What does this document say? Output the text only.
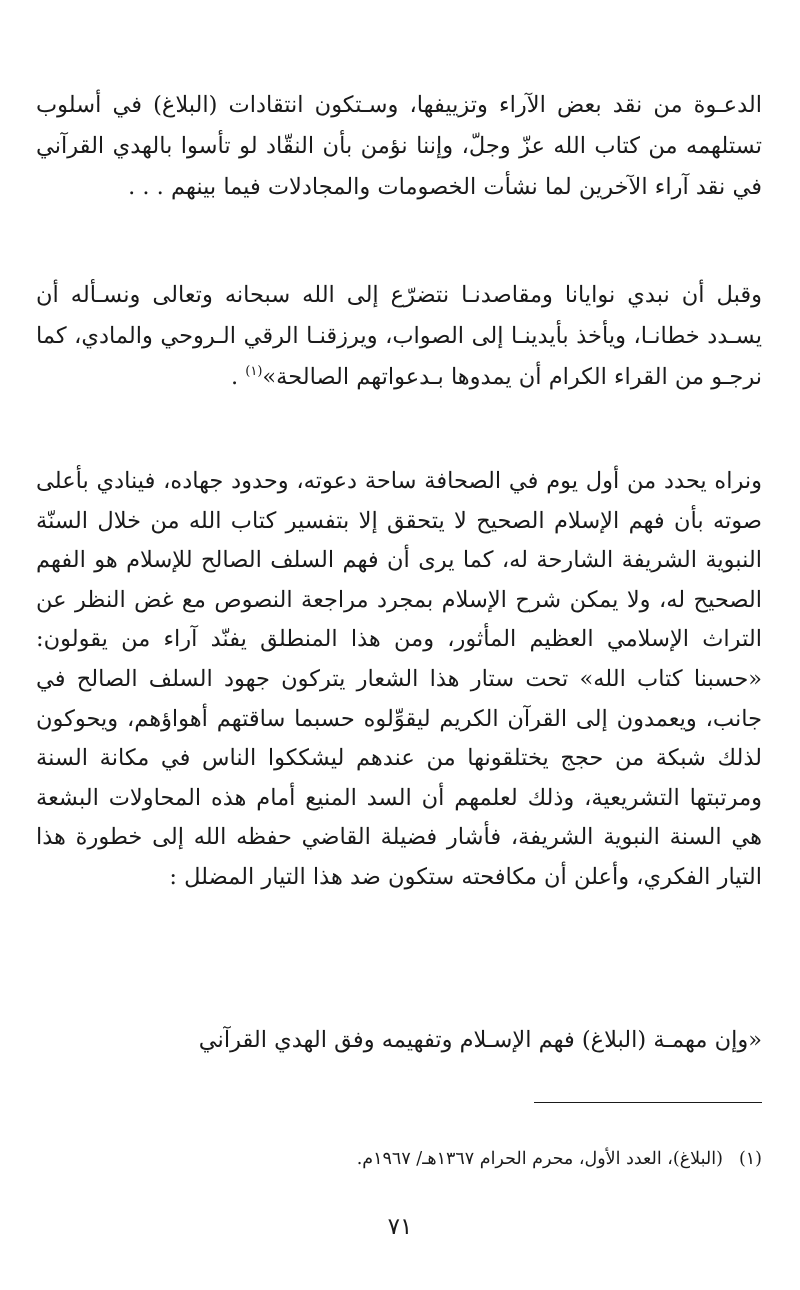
الدعـوة من نقد بعض الآراء وتزييفها، وسـتكون انتقادات (البلاغ) في أسلوب تستلهمه من كتاب الله عزّ وجلّ، وإننا نؤمن بأن النقّاد لو تأسوا بالهدي القرآني في نقد آراء الآخرين لما نشأت الخصومات والمجادلات فيما بينهم . . .

وقبل أن نبدي نوايانا ومقاصدنـا نتضرّع إلى الله سبحانه وتعالى ونسـأله أن يسـدد خطانـا، ويأخذ بأيدينـا إلى الصواب، ويرزقنـا الرقي الـروحي والمادي، كما نرجـو من القراء الكرام أن يمدوها بـدعواتهم الصالحة»$^{(١)}$ .

ونراه يحدد من أول يوم في الصحافة ساحة دعوته، وحدود جهاده، فينادي بأعلى صوته بأن فهم الإسلام الصحيح لا يتحقق إلا بتفسير كتاب الله من خلال السنّة النبوية الشريفة الشارحة له، كما يرى أن فهم السلف الصالح للإسلام هو الفهم الصحيح له، ولا يمكن شرح الإسلام بمجرد مراجعة النصوص مع غض النظر عن التراث الإسلامي العظيم المأثور، ومن هذا المنطلق يفنّد آراء من يقولون: «حسبنا كتاب الله» تحت ستار هذا الشعار يتركون جهود السلف الصالح في جانب، ويعمدون إلى القرآن الكريم ليقوِّلوه حسبما ساقتهم أهواؤهم، ويحوكون لذلك شبكة من حجج يختلقونها من عندهم ليشككوا الناس في مكانة السنة ومرتبتها التشريعية، وذلك لعلمهم أن السد المنيع أمام هذه المحاولات البشعة هي السنة النبوية الشريفة، فأشار فضيلة القاضي حفظه الله إلى خطورة هذا التيار الفكري، وأعلن أن مكافحته ستكون ضد هذا التيار المضلل :

«وإن مهمـة (البلاغ) فهم الإسـلام وتفهيمه وفق الهدي القرآني

(١)(البلاغ)، العدد الأول، محرم الحرام ١٣٦٧هـ/ ١٩٦٧م.
٧١
